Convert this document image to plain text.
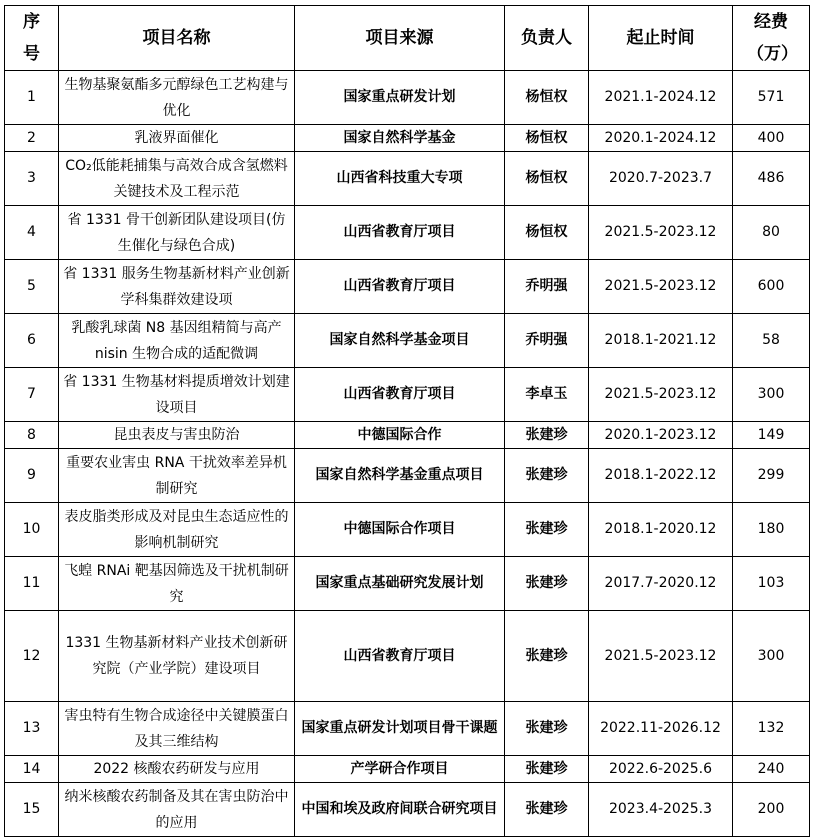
序号	项目名称	项目来源	负责人	起止时间	经费（万）
1	生物基聚氨酯多元醇绿色工艺构建与优化	国家重点研发计划	杨恒权	2021.1-2024.12	571
2	乳液界面催化	国家自然科学基金	杨恒权	2020.1-2024.12	400
3	CO₂低能耗捕集与高效合成含氢燃料关键技术及工程示范	山西省科技重大专项	杨恒权	2020.7-2023.7	486
4	省 1331 骨干创新团队建设项目(仿生催化与绿色合成)	山西省教育厅项目	杨恒权	2021.5-2023.12	80
5	省 1331 服务生物基新材料产业创新学科集群效建设项	山西省教育厅项目	乔明强	2021.5-2023.12	600
6	乳酸乳球菌 N8 基因组精简与高产 nisin 生物合成的适配微调	国家自然科学基金项目	乔明强	2018.1-2021.12	58
7	省 1331 生物基材料提质增效计划建设项目	山西省教育厅项目	李卓玉	2021.5-2023.12	300
8	昆虫表皮与害虫防治	中德国际合作	张建珍	2020.1-2023.12	149
9	重要农业害虫 RNA 干扰效率差异机制研究	国家自然科学基金重点项目	张建珍	2018.1-2022.12	299
10	表皮脂类形成及对昆虫生态适应性的影响机制研究	中德国际合作项目	张建珍	2018.1-2020.12	180
11	飞蝗 RNAi 靶基因筛选及干扰机制研究	国家重点基础研究发展计划	张建珍	2017.7-2020.12	103
12	1331 生物基新材料产业技术创新研究院（产业学院）建设项目	山西省教育厅项目	张建珍	2021.5-2023.12	300
13	害虫特有生物合成途径中关键膜蛋白及其三维结构	国家重点研发计划项目骨干课题	张建珍	2022.11-2026.12	132
14	2022 核酸农药研发与应用	产学研合作项目	张建珍	2022.6-2025.6	240
15	纳米核酸农药制备及其在害虫防治中的应用	中国和埃及政府间联合研究项目	张建珍	2023.4-2025.3	200
